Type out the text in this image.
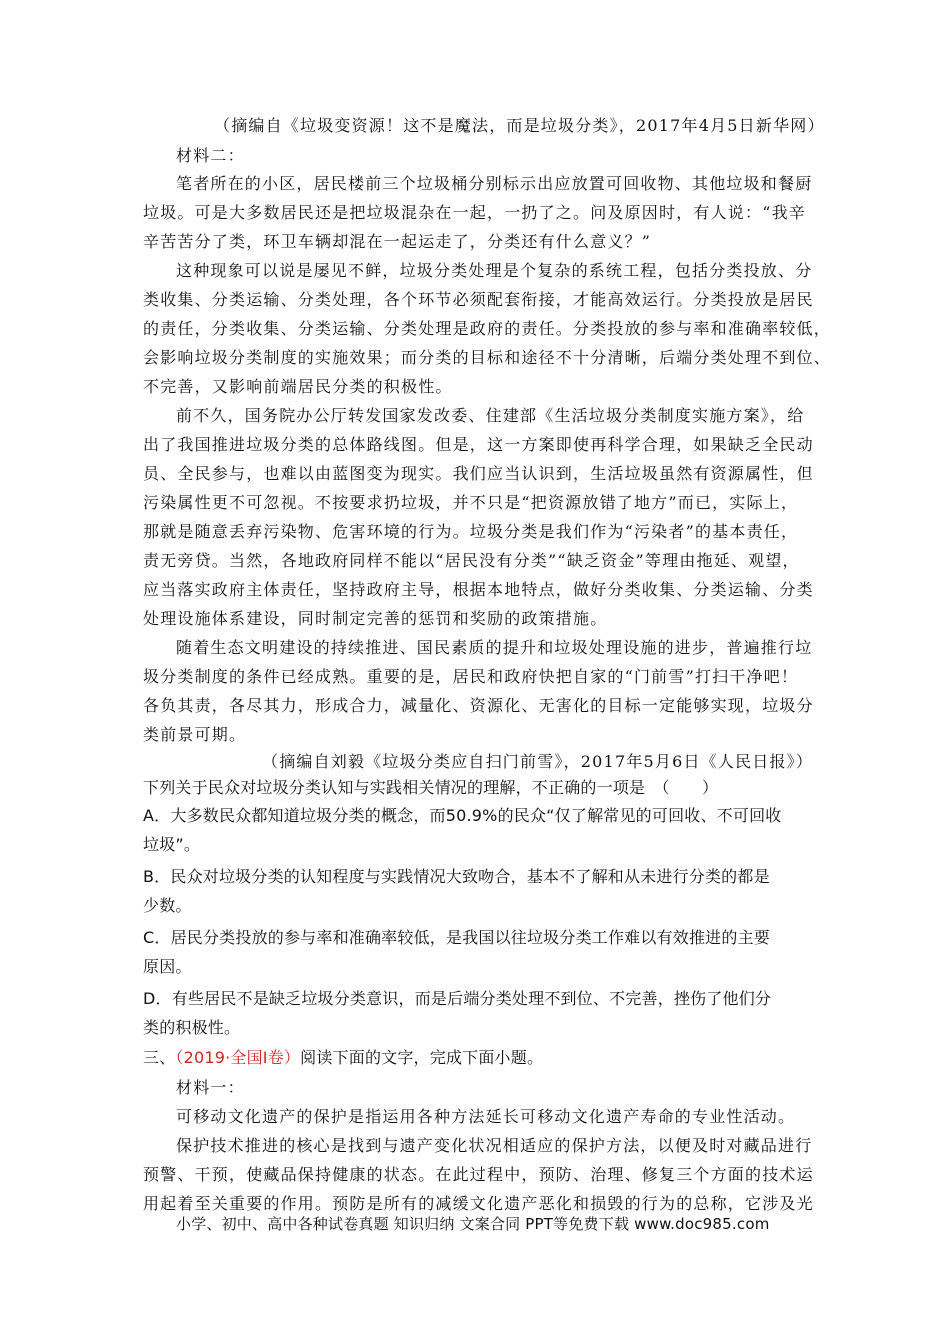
（摘编自《垃圾变资源！这不是魔法，而是垃圾分类》，2017年4月5日新华网）
材料二：
笔者所在的小区，居民楼前三个垃圾桶分别标示出应放置可回收物、其他垃圾和餐厨
垃圾。可是大多数居民还是把垃圾混杂在一起，一扔了之。问及原因时，有人说：“我辛
辛苦苦分了类，环卫车辆却混在一起运走了，分类还有什么意义？”
这种现象可以说是屡见不鲜，垃圾分类处理是个复杂的系统工程，包括分类投放、分
类收集、分类运输、分类处理，各个环节必须配套衔接，才能高效运行。分类投放是居民
的责任，分类收集、分类运输、分类处理是政府的责任。分类投放的参与率和准确率较低，
会影响垃圾分类制度的实施效果；而分类的目标和途径不十分清晰，后端分类处理不到位、
不完善，又影响前端居民分类的积极性。
前不久，国务院办公厅转发国家发改委、住建部《生活垃圾分类制度实施方案》，给
出了我国推进垃圾分类的总体路线图。但是，这一方案即使再科学合理，如果缺乏全民动
员、全民参与，也难以由蓝图变为现实。我们应当认识到，生活垃圾虽然有资源属性，但
污染属性更不可忽视。不按要求扔垃圾，并不只是“把资源放错了地方”而已，实际上，
那就是随意丢弃污染物、危害环境的行为。垃圾分类是我们作为“污染者”的基本责任，
责无旁贷。当然，各地政府同样不能以“居民没有分类”“缺乏资金”等理由拖延、观望，
应当落实政府主体责任，坚持政府主导，根据本地特点，做好分类收集、分类运输、分类
处理设施体系建设，同时制定完善的惩罚和奖励的政策措施。
随着生态文明建设的持续推进、国民素质的提升和垃圾处理设施的进步，普遍推行垃
圾分类制度的条件已经成熟。重要的是，居民和政府快把自家的“门前雪”打扫干净吧！
各负其责，各尽其力，形成合力，减量化、资源化、无害化的目标一定能够实现，垃圾分
类前景可期。
（摘编自刘毅《垃圾分类应自扫门前雪》，2017年5月6日《人民日报》）
下列关于民众对垃圾分类认知与实践相关情况的理解，不正确的一项是　（　　）
A．大多数民众都知道垃圾分类的概念，而50.9%的民众“仅了解常见的可回收、不可回收
垃圾”。
B．民众对垃圾分类的认知程度与实践情况大致吻合，基本不了解和从未进行分类的都是
少数。
C．居民分类投放的参与率和准确率较低，是我国以往垃圾分类工作难以有效推进的主要
原因。
D．有些居民不是缺乏垃圾分类意识，而是后端分类处理不到位、不完善，挫伤了他们分
类的积极性。
三、（2019·全国I卷）阅读下面的文字，完成下面小题。
材料一：
可移动文化遗产的保护是指运用各种方法延长可移动文化遗产寿命的专业性活动。
保护技术推进的核心是找到与遗产变化状况相适应的保护方法，以便及时对藏品进行
预警、干预，使藏品保持健康的状态。在此过程中，预防、治理、修复三个方面的技术运
用起着至关重要的作用。预防是所有的减缓文化遗产恶化和损毁的行为的总称，它涉及光
小学、初中、高中各种试卷真题 知识归纳 文案合同 PPT等免费下载 www.doc985.com
